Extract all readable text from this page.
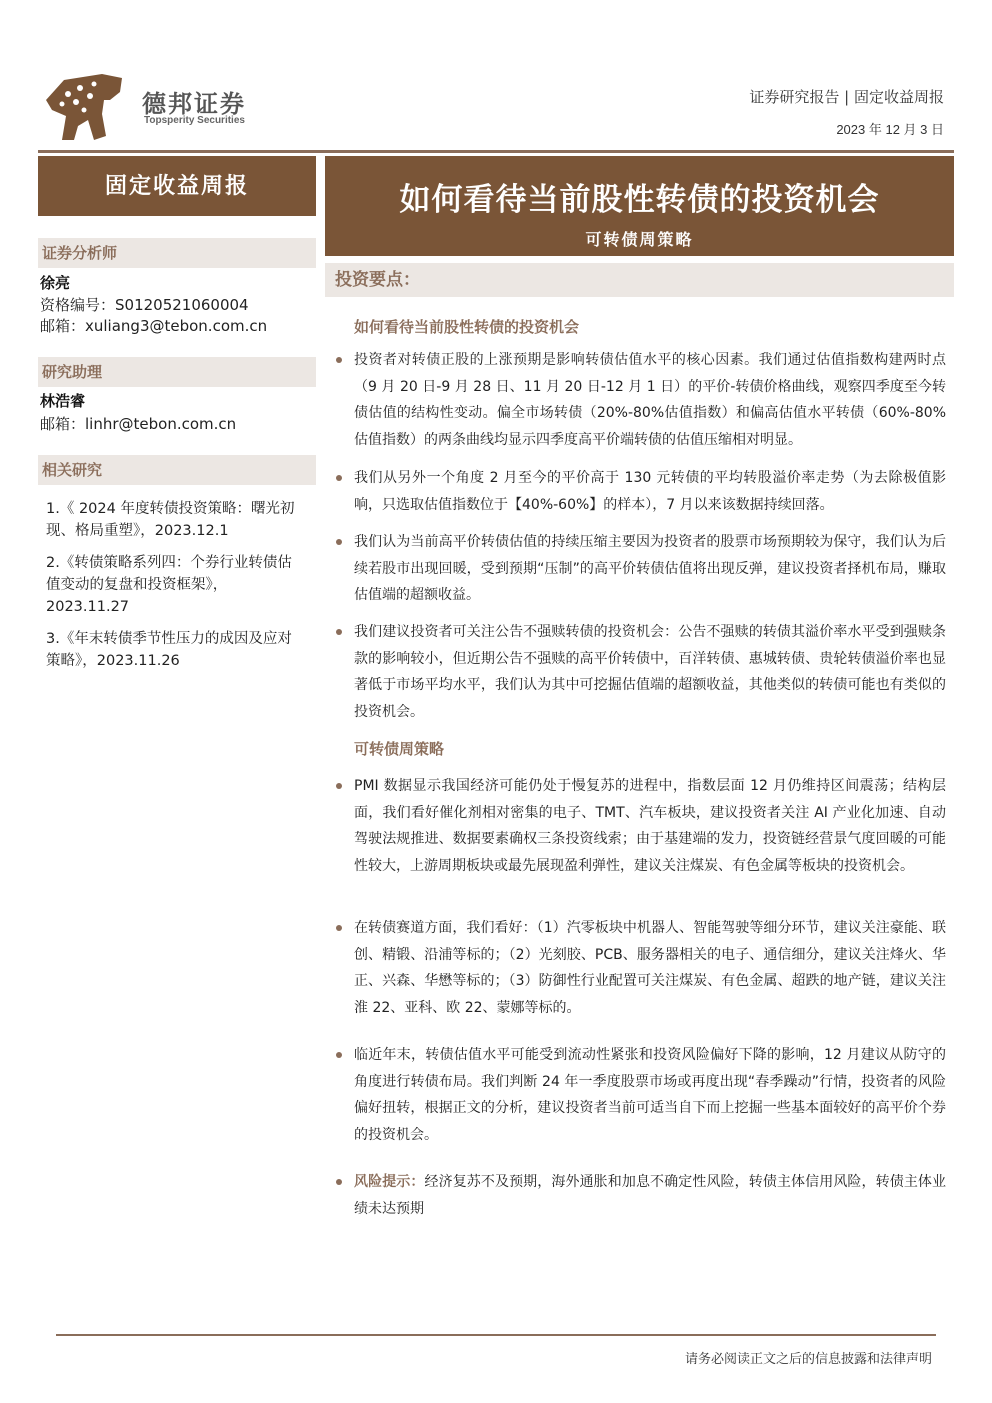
德邦证券
Topsperity Securities
证券研究报告 | 固定收益周报
2023 年 12 月 3 日
固定收益周报	如何看待当前股性转债的投资机会
可转债周策略
证券分析师
徐亮
资格编号：S0120521060004
邮箱：xuliang3@tebon.com.cn
研究助理
林浩睿
邮箱：linhr@tebon.com.cn
相关研究
1.《 2024 年度转债投资策略：曙光初现、格局重塑》，2023.12.1
2.《转债策略系列四：个券行业转债估值变动的复盘和投资框架》，2023.11.27
3.《年末转债季节性压力的成因及应对策略》，2023.11.26
投资要点：
如何看待当前股性转债的投资机会
投资者对转债正股的上涨预期是影响转债估值水平的核心因素。我们通过估值指数构建两时点（9 月 20 日-9 月 28 日、11 月 20 日-12 月 1 日）的平价-转债价格曲线，观察四季度至今转债估值的结构性变动。偏全市场转债（20%-80%估值指数）和偏高估值水平转债（60%-80%估值指数）的两条曲线均显示四季度高平价端转债的估值压缩相对明显。
我们从另外一个角度 2 月至今的平价高于 130 元转债的平均转股溢价率走势（为去除极值影响，只选取估值指数位于【40%-60%】的样本），7 月以来该数据持续回落。
我们认为当前高平价转债估值的持续压缩主要因为投资者的股票市场预期较为保守，我们认为后续若股市出现回暖，受到预期“压制”的高平价转债估值将出现反弹，建议投资者择机布局，赚取估值端的超额收益。
我们建议投资者可关注公告不强赎转债的投资机会：公告不强赎的转债其溢价率水平受到强赎条款的影响较小，但近期公告不强赎的高平价转债中，百洋转债、惠城转债、贵轮转债溢价率也显著低于市场平均水平，我们认为其中可挖掘估值端的超额收益，其他类似的转债可能也有类似的投资机会。
可转债周策略
PMI 数据显示我国经济可能仍处于慢复苏的进程中，指数层面 12 月仍维持区间震荡；结构层面，我们看好催化剂相对密集的电子、TMT、汽车板块，建议投资者关注 AI 产业化加速、自动驾驶法规推进、数据要素确权三条投资线索；由于基建端的发力，投资链经营景气度回暖的可能性较大，上游周期板块或最先展现盈利弹性，建议关注煤炭、有色金属等板块的投资机会。
在转债赛道方面，我们看好：（1）汽零板块中机器人、智能驾驶等细分环节，建议关注豪能、联创、精锻、沿浦等标的；（2）光刻胶、PCB、服务器相关的电子、通信细分，建议关注烽火、华正、兴森、华懋等标的；（3）防御性行业配置可关注煤炭、有色金属、超跌的地产链，建议关注淮 22、亚科、欧 22、蒙娜等标的。
临近年末，转债估值水平可能受到流动性紧张和投资风险偏好下降的影响，12 月建议从防守的角度进行转债布局。我们判断 24 年一季度股票市场或再度出现“春季躁动”行情，投资者的风险偏好扭转，根据正文的分析，建议投资者当前可适当自下而上挖掘一些基本面较好的高平价个券的投资机会。
风险提示：经济复苏不及预期，海外通胀和加息不确定性风险，转债主体信用风险，转债主体业绩未达预期
请务必阅读正文之后的信息披露和法律声明
